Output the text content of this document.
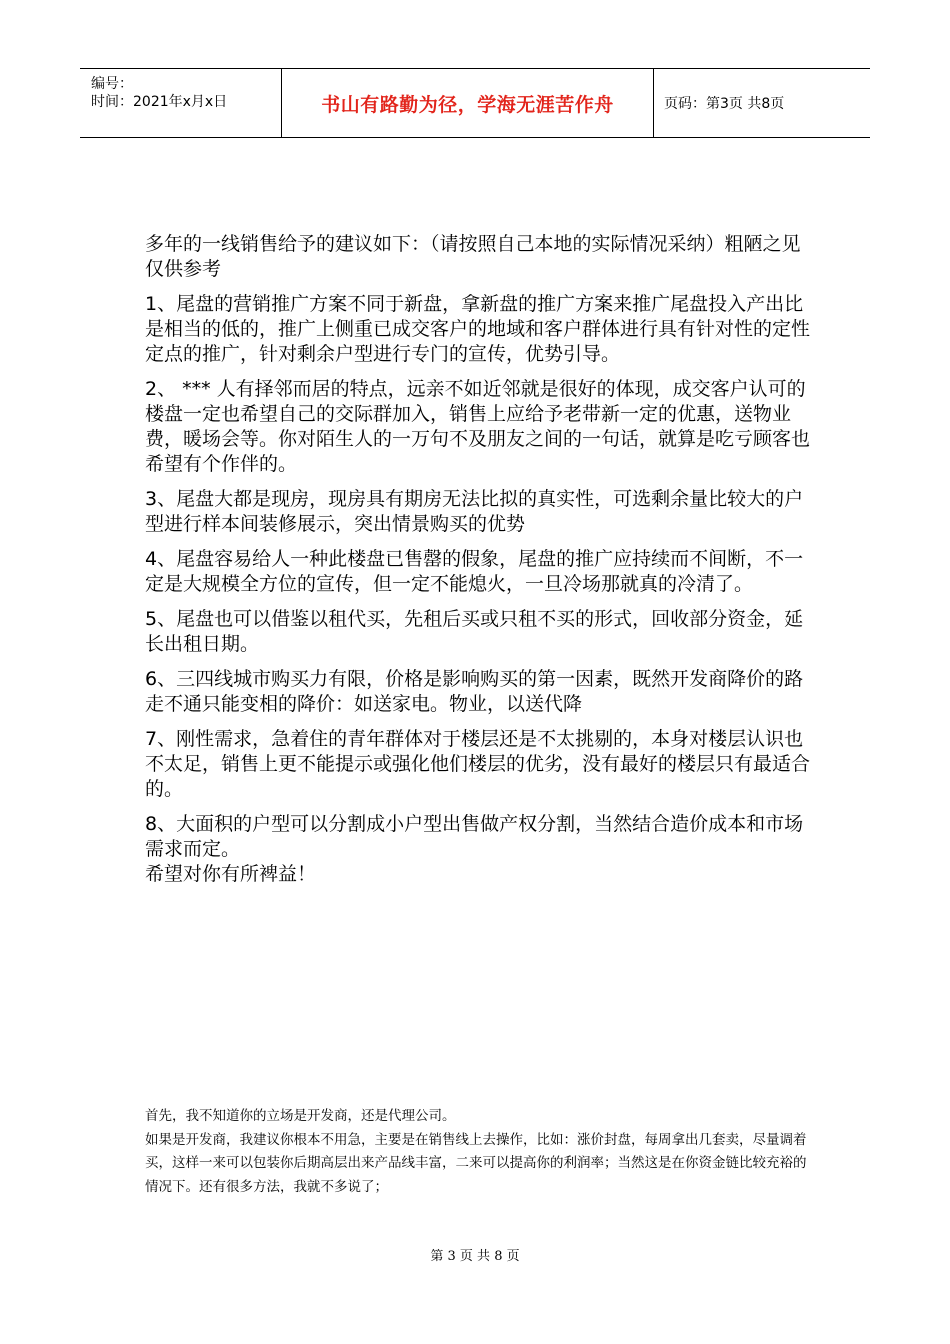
编号：
时间：2021年x月x日	书山有路勤为径，学海无涯苦作舟	页码：第3页 共8页

多年的一线销售给予的建议如下：（请按照自己本地的实际情况采纳）粗陋之见仅供参考

1、尾盘的营销推广方案不同于新盘，拿新盘的推广方案来推广尾盘投入产出比是相当的低的，推广上侧重已成交客户的地域和客户群体进行具有针对性的定性定点的推广，针对剩余户型进行专门的宣传，优势引导。

2、 *** 人有择邻而居的特点，远亲不如近邻就是很好的体现，成交客户认可的楼盘一定也希望自己的交际群加入，销售上应给予老带新一定的优惠，送物业费，暖场会等。你对陌生人的一万句不及朋友之间的一句话，就算是吃亏顾客也希望有个作伴的。

3、尾盘大都是现房，现房具有期房无法比拟的真实性，可选剩余量比较大的户型进行样本间装修展示，突出情景购买的优势

4、尾盘容易给人一种此楼盘已售罄的假象，尾盘的推广应持续而不间断，不一定是大规模全方位的宣传，但一定不能熄火，一旦冷场那就真的冷清了。

5、尾盘也可以借鉴以租代买，先租后买或只租不买的形式，回收部分资金，延长出租日期。

6、三四线城市购买力有限，价格是影响购买的第一因素，既然开发商降价的路走不通只能变相的降价：如送家电。物业，以送代降

7、刚性需求，急着住的青年群体对于楼层还是不太挑剔的，本身对楼层认识也不太足，销售上更不能提示或强化他们楼层的优劣，没有最好的楼层只有最适合的。

8、大面积的户型可以分割成小户型出售做产权分割，当然结合造价成本和市场需求而定。

希望对你有所裨益！

首先，我不知道你的立场是开发商，还是代理公司。

如果是开发商，我建议你根本不用急，主要是在销售线上去操作，比如：涨价封盘，每周拿出几套卖，尽量调着买，这样一来可以包装你后期高层出来产品线丰富，二来可以提高你的利润率；当然这是在你资金链比较充裕的情况下。还有很多方法，我就不多说了；

第 3 页 共 8 页
